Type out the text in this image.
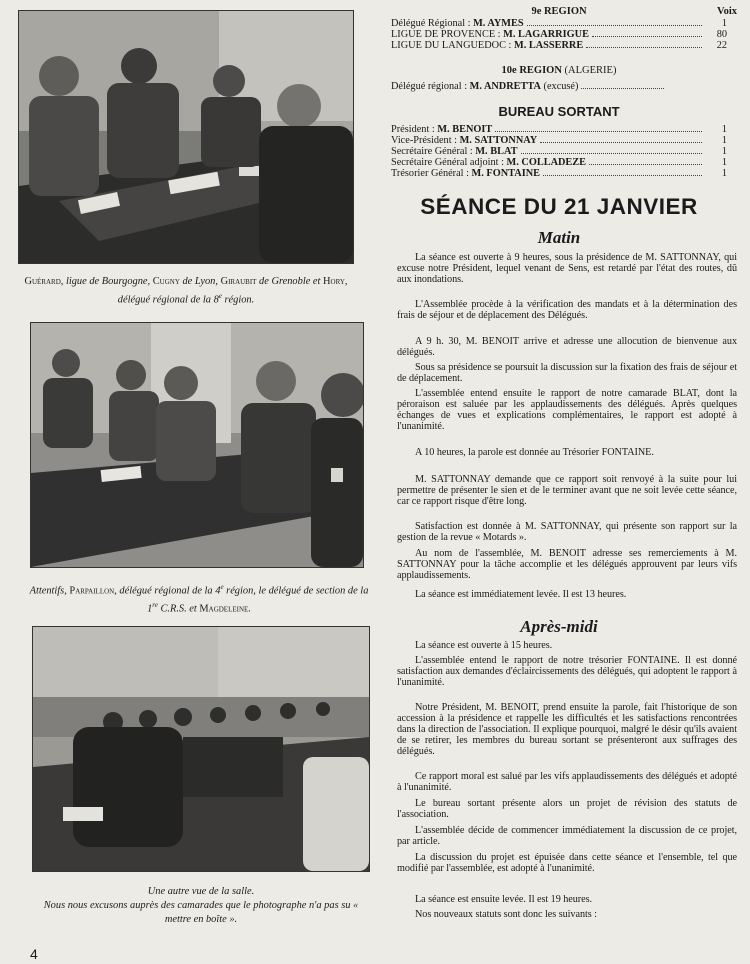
Guérard, ligue de Bourgogne, Cugny de Lyon, Giraubit de Grenoble et Hory, délégué régional de la 8e région.
Attentifs, Parpaillon, délégué régional de la 4e région, le délégué de section de la 1re C.R.S. et Magdeleine.
Une autre vue de la salle.
Nous nous excusons auprès des camarades que le photographe n'a pas su « mettre en boîte ».
4
9e REGION	Voix
Délégué Régional : M. AYMES	1
LIGUE DE PROVENCE : M. LAGARRIGUE	80
LIGUE DU LANGUEDOC : M. LASSERRE	22
10e REGION (ALGERIE)
Délégué régional : M. ANDRETTA (excusé)
BUREAU SORTANT
Président : M. BENOIT	1
Vice-Président : M. SATTONNAY	1
Secrétaire Général : M. BLAT	1
Secrétaire Général adjoint : M. COLLADEZE	1
Trésorier Général : M. FONTAINE	1
SÉANCE DU 21 JANVIER
Matin
La séance est ouverte à 9 heures, sous la présidence de M. SATTONNAY, qui excuse notre Président, lequel venant de Sens, est retardé par l'état des routes, dû aux inondations.
L'Assemblée procède à la vérification des mandats et à la détermination des frais de séjour et de déplacement des Délégués.
A 9 h. 30, M. BENOIT arrive et adresse une allocution de bienvenue aux délégués.
Sous sa présidence se poursuit la discussion sur la fixation des frais de séjour et de déplacement.
L'assemblée entend ensuite le rapport de notre camarade BLAT, dont la péroraison est saluée par les applaudissements des délégués. Après quelques échanges de vues et explications complémentaires, le rapport est adopté à l'unanimité.
A 10 heures, la parole est donnée au Trésorier FONTAINE.
M. SATTONNAY demande que ce rapport soit renvoyé à la suite pour lui permettre de présenter le sien et de le terminer avant que ne soit levée cette séance, car ce rapport risque d'être long.
Satisfaction est donnée à M. SATTONNAY, qui présente son rapport sur la gestion de la revue « Motards ».
Au nom de l'assemblée, M. BENOIT adresse ses remerciements à M. SATTONNAY pour la tâche accomplie et les délégués approuvent par leurs vifs applaudissements.
La séance est immédiatement levée. Il est 13 heures.
Après-midi
La séance est ouverte à 15 heures.
L'assemblée entend le rapport de notre trésorier FONTAINE. Il est donné satisfaction aux demandes d'éclaircissements des délégués, qui adoptent le rapport à l'unanimité.
Notre Président, M. BENOIT, prend ensuite la parole, fait l'historique de son accession à la présidence et rappelle les difficultés et les satisfactions rencontrées dans la direction de l'association. Il explique pourquoi, malgré le désir qu'ils avaient de se retirer, les membres du bureau sortant se présenteront aux suffrages des délégués.
Ce rapport moral est salué par les vifs applaudissements des délégués et adopté à l'unanimité.
Le bureau sortant présente alors un projet de révision des statuts de l'association.
L'assemblée décide de commencer immédiatement la discussion de ce projet, par article.
La discussion du projet est épuisée dans cette séance et l'ensemble, tel que modifié par l'assemblée, est adopté à l'unanimité.
La séance est ensuite levée. Il est 19 heures.
Nos nouveaux statuts sont donc les suivants :
